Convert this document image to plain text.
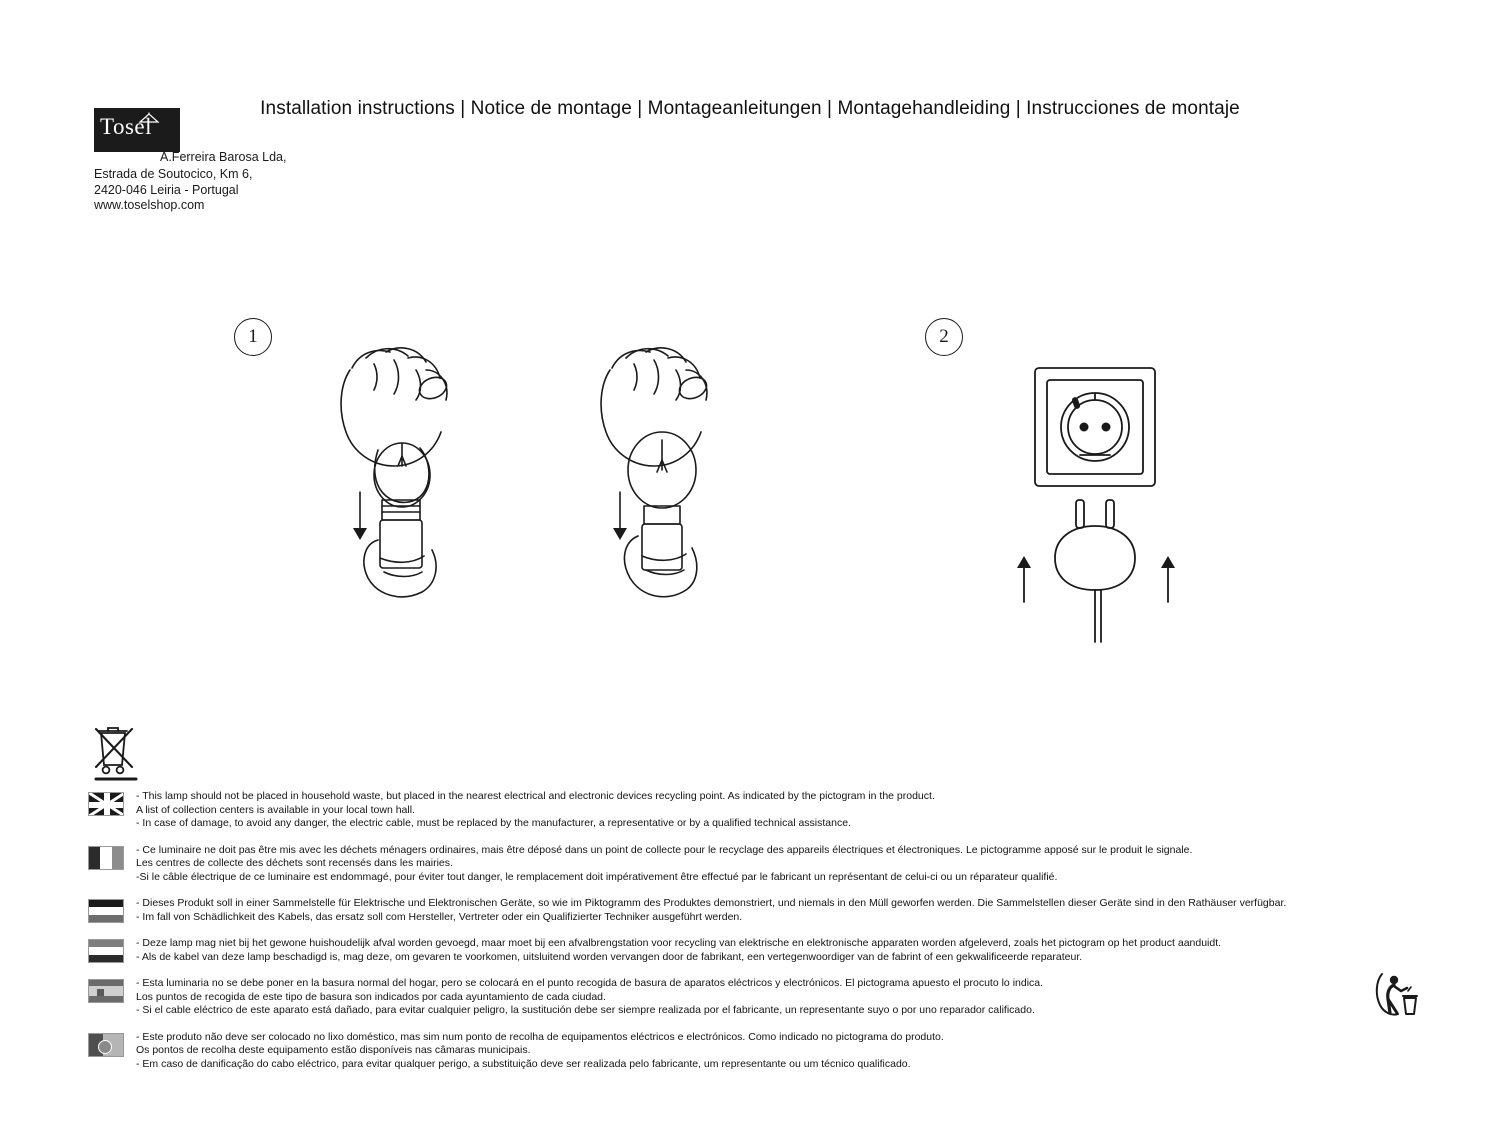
Installation instructions | Notice de montage | Montageanleitungen | Montagehandleiding | Instrucciones de montaje
Tosel
A.Ferreira Barosa Lda,
Estrada de Soutocico, Km 6,
2420-046 Leiria - Portugal
www.toselshop.com
1	2
- This lamp should not be placed in household waste, but placed in the nearest electrical and electronic devices recycling point. As indicated by the pictogram in the product.
A list of collection centers is available in your local town hall.
- In case of damage, to avoid any danger, the electric cable, must be replaced by the manufacturer, a representative or by a qualified technical assistance.
- Ce luminaire ne doit pas être mis avec les déchets ménagers ordinaires, mais être déposé dans un point de collecte pour le recyclage des appareils électriques et électroniques. Le pictogramme apposé sur le produit le signale.
Les centres de collecte des déchets sont recensés dans les mairies.
-Si le câble électrique de ce luminaire est endommagé, pour éviter tout danger, le remplacement doit impérativement être effectué par le fabricant un représentant de celui-ci ou un réparateur qualifié.
- Dieses Produkt soll in einer Sammelstelle für Elektrische und Elektronischen Geräte, so wie im Piktogramm des Produktes demonstriert, und niemals in den Müll geworfen werden. Die Sammelstellen dieser Geräte sind in den Rathäuser verfügbar.
- Im fall von Schädlichkeit des Kabels, das ersatz soll com Hersteller, Vertreter oder ein Qualifizierter Techniker ausgeführt werden.
- Deze lamp mag niet bij het gewone huishoudelijk afval worden gevoegd, maar moet bij een afvalbrengstation voor recycling van elektrische en elektronische apparaten worden afgeleverd, zoals het pictogram op het product aanduidt.
- Als de kabel van deze lamp beschadigd is, mag deze, om gevaren te voorkomen, uitsluitend worden vervangen door de fabrikant, een vertegenwoordiger van de fabrint of een gekwalificeerde reparateur.
- Esta luminaria no se debe poner en la basura normal del hogar, pero se colocará en el punto recogida de basura de aparatos eléctricos y electrónicos. El pictograma apuesto el procuto lo indica.
Los puntos de recogida de este tipo de basura son indicados por cada ayuntamiento de cada ciudad.
- Si el cable eléctrico de este aparato está dañado, para evitar cualquier peligro, la sustitución debe ser siempre realizada por el fabricante, un representante suyo o por uno reparador calificado.
- Este produto não deve ser colocado no lixo doméstico, mas sim num ponto de recolha de equipamentos eléctricos e electrónicos. Como indicado no pictograma do produto.
Os pontos de recolha deste equipamento estão disponíveis nas câmaras municipais.
- Em caso de danificação do cabo eléctrico, para evitar qualquer perigo, a substituição deve ser realizada pelo fabricante, um representante ou um técnico qualificado.
